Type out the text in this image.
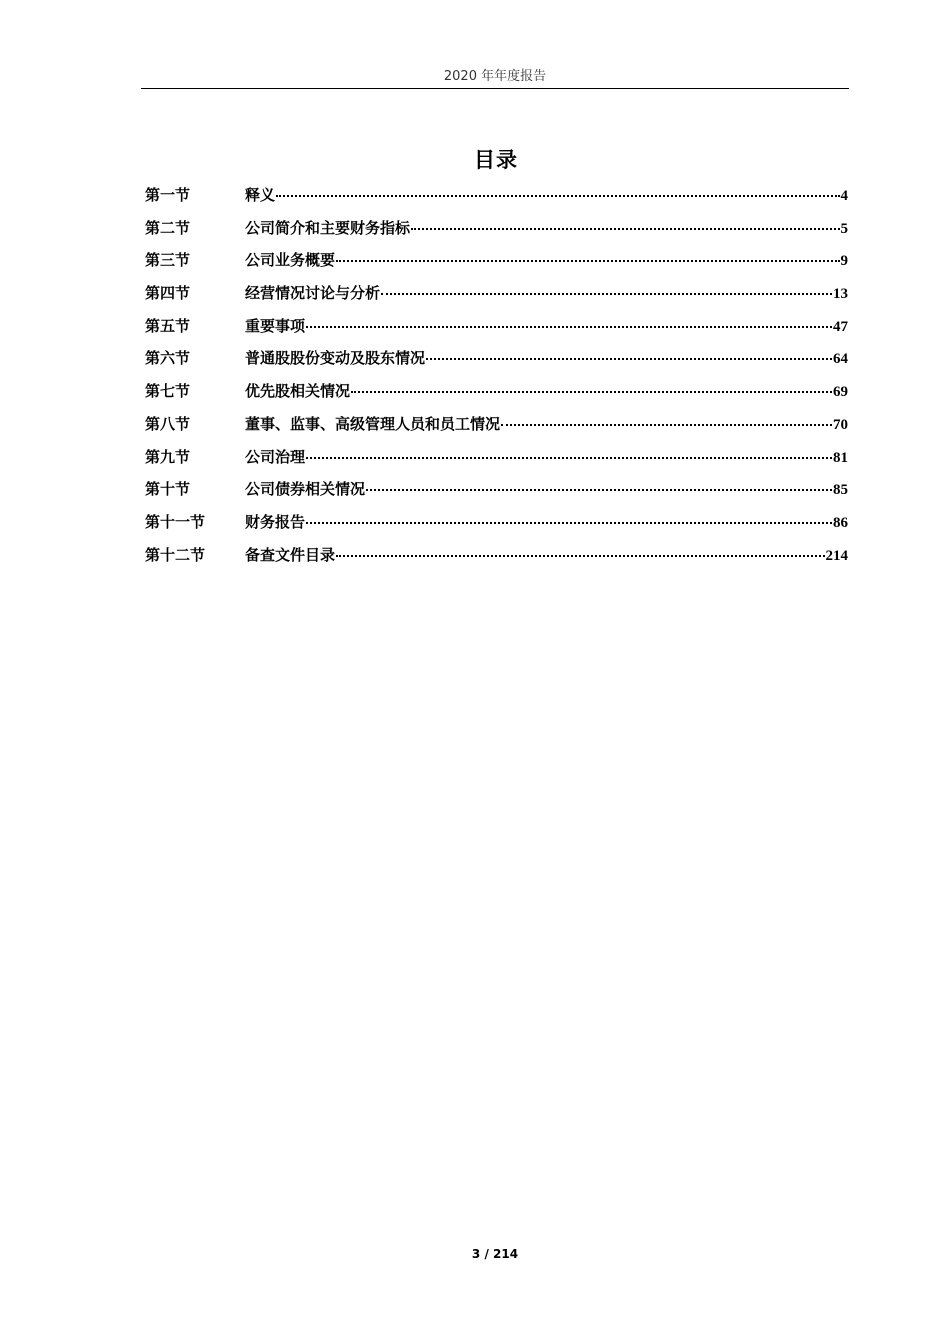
2020 年年度报告
目录
第一节	释义	4
第二节	公司简介和主要财务指标	5
第三节	公司业务概要	9
第四节	经营情况讨论与分析	13
第五节	重要事项	47
第六节	普通股股份变动及股东情况	64
第七节	优先股相关情况	69
第八节	董事、监事、高级管理人员和员工情况	70
第九节	公司治理	81
第十节	公司债券相关情况	85
第十一节	财务报告	86
第十二节	备查文件目录	214
3 / 214
